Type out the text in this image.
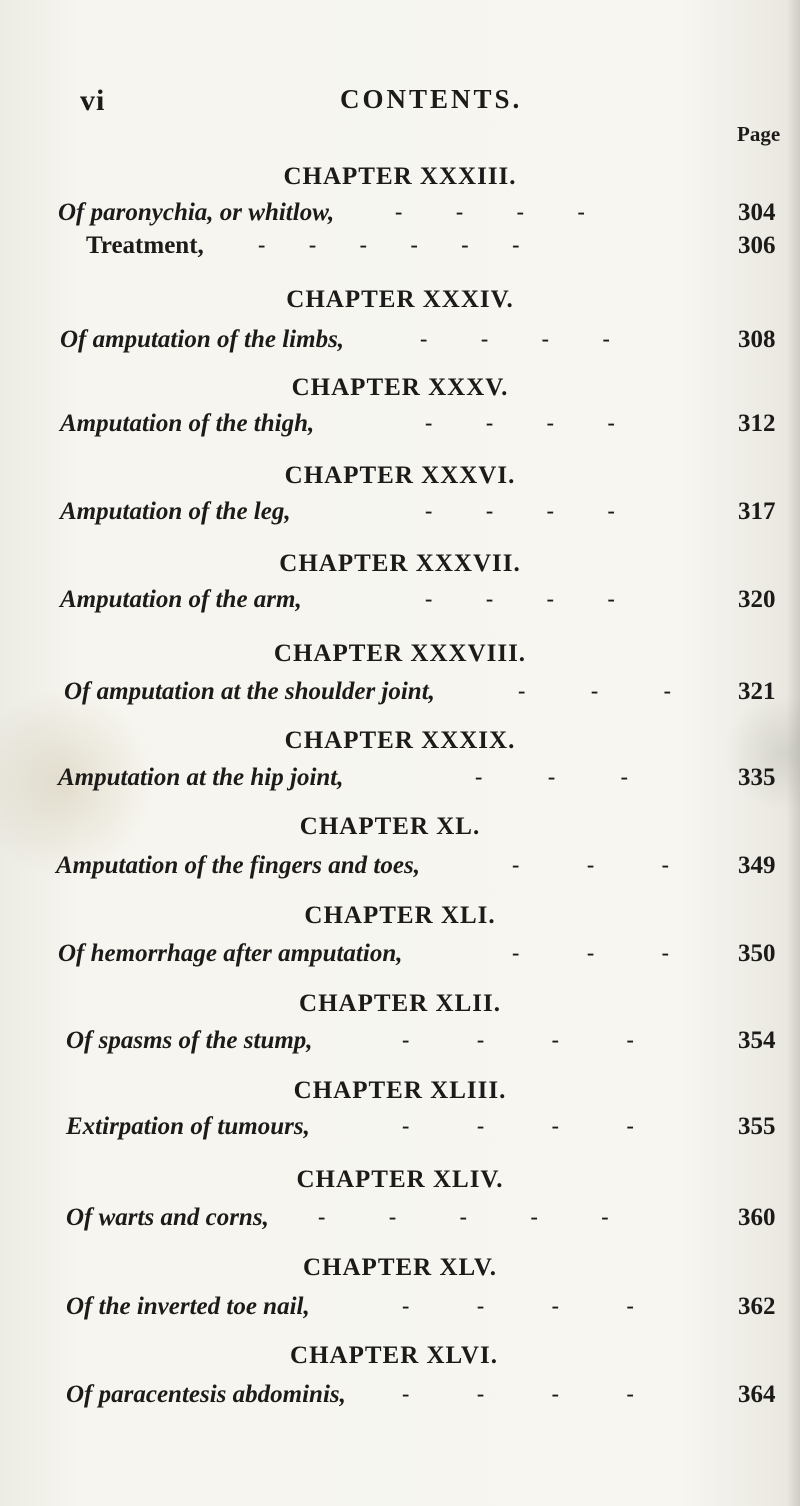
vi	CONTENTS.
Page
CHAPTER XXXIII.
Of paronychia, or whitlow,	- - - -	304
Treatment, - - - - - -	306
CHAPTER XXXIV.
Of amputation of the limbs,	- - - -	308
CHAPTER XXXV.
Amputation of the thigh,	- - - -	312
CHAPTER XXXVI.
Amputation of the leg,	- - - -	317
CHAPTER XXXVII.
Amputation of the arm,	- - - -	320
CHAPTER XXXVIII.
Of amputation at the shoulder joint,	- - -	321
CHAPTER XXXIX.
Amputation at the hip joint,	- - -	335
CHAPTER XL.
Amputation of the fingers and toes,	- - -	349
CHAPTER XLI.
Of hemorrhage after amputation,	- - -	350
CHAPTER XLII.
Of spasms of the stump,	- - - -	354
CHAPTER XLIII.
Extirpation of tumours,	- - - -	355
CHAPTER XLIV.
Of warts and corns, - - - - -	360
CHAPTER XLV.
Of the inverted toe nail,	- - - -	362
CHAPTER XLVI.
Of paracentesis abdominis,	- - - -	364
